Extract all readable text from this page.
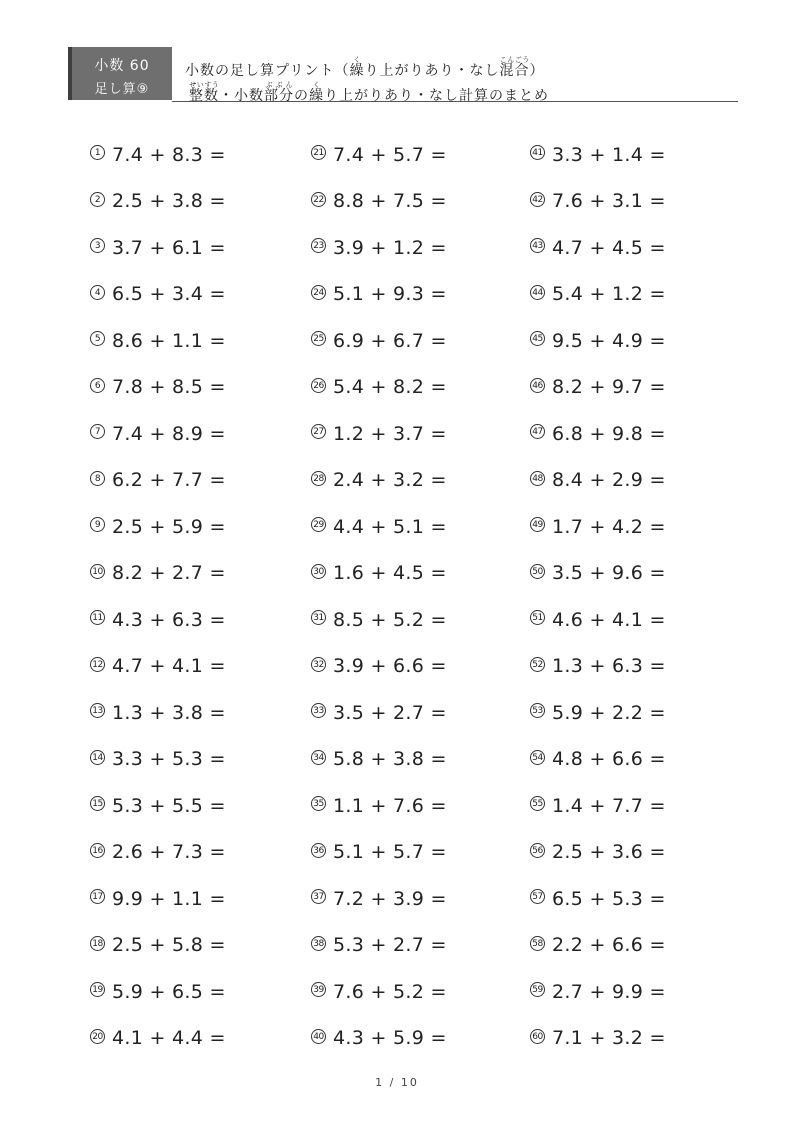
小数 60
足し算⑨
小数の足し算プリント（繰くり上がりあり・なし混合こんごう）
整数せいすう・小数部分ぶぶんの繰くり上がりあり・なし計算のまとめ
1 7.4 + 8.3 =
2 2.5 + 3.8 =
3 3.7 + 6.1 =
4 6.5 + 3.4 =
5 8.6 + 1.1 =
6 7.8 + 8.5 =
7 7.4 + 8.9 =
8 6.2 + 7.7 =
9 2.5 + 5.9 =
10 8.2 + 2.7 =
11 4.3 + 6.3 =
12 4.7 + 4.1 =
13 1.3 + 3.8 =
14 3.3 + 5.3 =
15 5.3 + 5.5 =
16 2.6 + 7.3 =
17 9.9 + 1.1 =
18 2.5 + 5.8 =
19 5.9 + 6.5 =
20 4.1 + 4.4 =
21 7.4 + 5.7 =
22 8.8 + 7.5 =
23 3.9 + 1.2 =
24 5.1 + 9.3 =
25 6.9 + 6.7 =
26 5.4 + 8.2 =
27 1.2 + 3.7 =
28 2.4 + 3.2 =
29 4.4 + 5.1 =
30 1.6 + 4.5 =
31 8.5 + 5.2 =
32 3.9 + 6.6 =
33 3.5 + 2.7 =
34 5.8 + 3.8 =
35 1.1 + 7.6 =
36 5.1 + 5.7 =
37 7.2 + 3.9 =
38 5.3 + 2.7 =
39 7.6 + 5.2 =
40 4.3 + 5.9 =
41 3.3 + 1.4 =
42 7.6 + 3.1 =
43 4.7 + 4.5 =
44 5.4 + 1.2 =
45 9.5 + 4.9 =
46 8.2 + 9.7 =
47 6.8 + 9.8 =
48 8.4 + 2.9 =
49 1.7 + 4.2 =
50 3.5 + 9.6 =
51 4.6 + 4.1 =
52 1.3 + 6.3 =
53 5.9 + 2.2 =
54 4.8 + 6.6 =
55 1.4 + 7.7 =
56 2.5 + 3.6 =
57 6.5 + 5.3 =
58 2.2 + 6.6 =
59 2.7 + 9.9 =
60 7.1 + 3.2 =
1 / 10
